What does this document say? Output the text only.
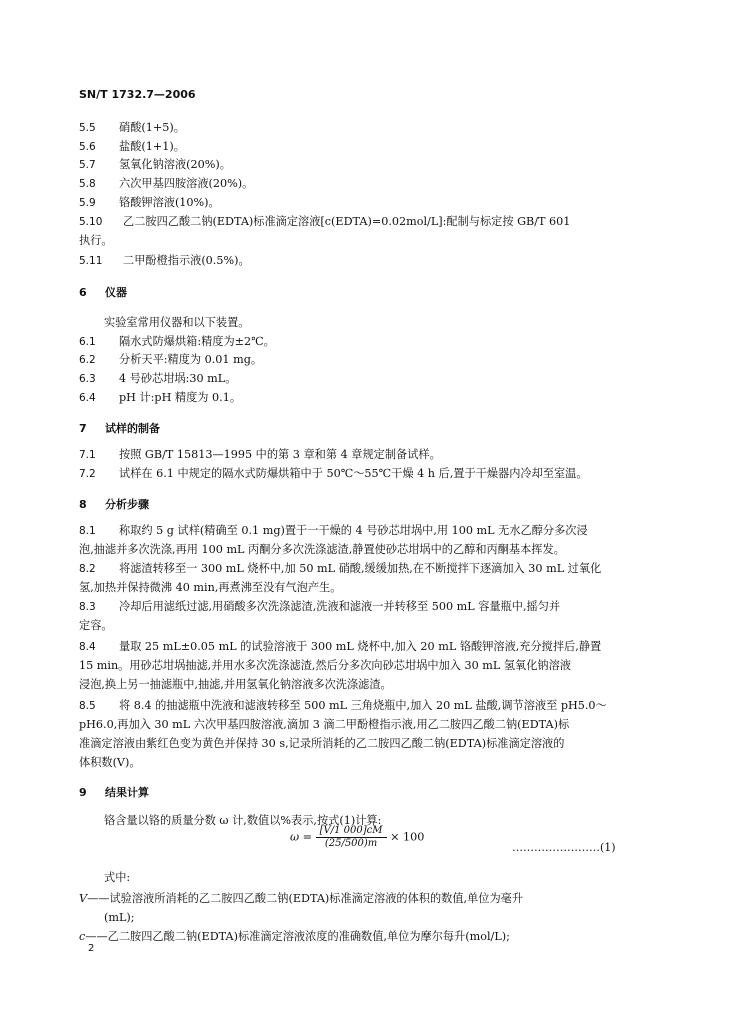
SN/T 1732.7—2006
5.5 硝酸(1+5)。
5.6 盐酸(1+1)。
5.7 氢氧化钠溶液(20%)。
5.8 六次甲基四胺溶液(20%)。
5.9 铬酸钾溶液(10%)。
5.10 乙二胺四乙酸二钠(EDTA)标准滴定溶液[c(EDTA)=0.02mol/L]:配制与标定按 GB/T 601
执行。
5.11 二甲酚橙指示液(0.5%)。
6 仪器
实验室常用仪器和以下装置。
6.1 隔水式防爆烘箱:精度为±2℃。
6.2 分析天平:精度为 0.01 mg。
6.3 4 号砂芯坩埚:30 mL。
6.4 pH 计:pH 精度为 0.1。
7 试样的制备
7.1 按照 GB/T 15813—1995 中的第 3 章和第 4 章规定制备试样。
7.2 试样在 6.1 中规定的隔水式防爆烘箱中于 50℃～55℃干燥 4 h 后,置于干燥器内冷却至室温。
8 分析步骤
8.1 称取约 5 g 试样(精确至 0.1 mg)置于一干燥的 4 号砂芯坩埚中,用 100 mL 无水乙醇分多次浸
泡,抽滤并多次洗涤,再用 100 mL 丙酮分多次洗涤滤渣,静置使砂芯坩埚中的乙醇和丙酮基本挥发。
8.2 将滤渣转移至一 300 mL 烧杯中,加 50 mL 硝酸,缓缓加热,在不断搅拌下逐滴加入 30 mL 过氧化
氢,加热并保持微沸 40 min,再煮沸至没有气泡产生。
8.3 冷却后用滤纸过滤,用硝酸多次洗涤滤渣,洗液和滤液一并转移至 500 mL 容量瓶中,摇匀并
定容。
8.4 量取 25 mL±0.05 mL 的试验溶液于 300 mL 烧杯中,加入 20 mL 铬酸钾溶液,充分搅拌后,静置
15 min。用砂芯坩埚抽滤,并用水多次洗涤滤渣,然后分多次向砂芯坩埚中加入 30 mL 氢氧化钠溶液
浸泡,换上另一抽滤瓶中,抽滤,并用氢氧化钠溶液多次洗涤滤渣。
8.5 将 8.4 的抽滤瓶中洗液和滤液转移至 500 mL 三角烧瓶中,加入 20 mL 盐酸,调节溶液至 pH5.0～
pH6.0,再加入 30 mL 六次甲基四胺溶液,滴加 3 滴二甲酚橙指示液,用乙二胺四乙酸二钠(EDTA)标
准滴定溶液由紫红色变为黄色并保持 30 s,记录所消耗的乙二胺四乙酸二钠(EDTA)标准滴定溶液的
体积数(V)。
9 结果计算
铬含量以铬的质量分数 ω 计,数值以%表示,按式(1)计算:
$\omega = \frac{[V/1 000]cM}{(25/500)m} \times 100$
……………………(1)
式中:
V——试验溶液所消耗的乙二胺四乙酸二钠(EDTA)标准滴定溶液的体积的数值,单位为毫升
(mL);
c——乙二胺四乙酸二钠(EDTA)标准滴定溶液浓度的准确数值,单位为摩尔每升(mol/L);
2
